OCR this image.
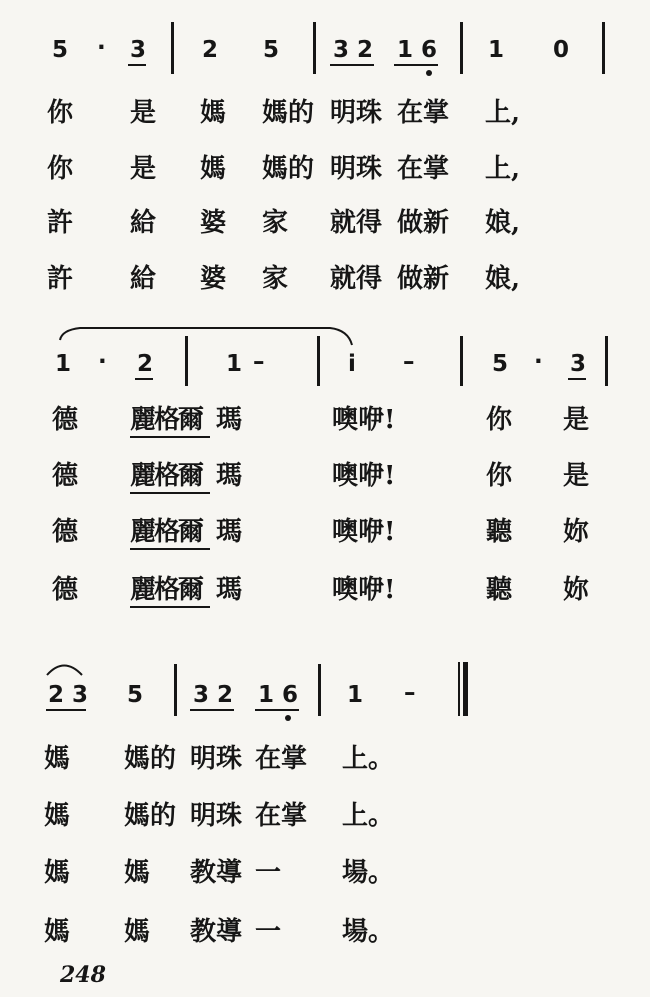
5 · 3 2 5 3 2 1 6 1 0
你 是 媽 媽的 明珠 在掌 上,
你 是 媽 媽的 明珠 在掌 上,
許 給 婆 家 就得 做新 娘,
許 給 婆 家 就得 做新 娘,
1 · 2	1 –	i –	5 · 3
德 麗格爾 瑪	噢咿!	你 是
德 麗格爾 瑪	噢咿!	你 是
德 麗格爾 瑪	噢咿!	聽 妳
德 麗格爾 瑪	噢咿!	聽 妳
2 3 5 3 2 1 6 1 –
媽 媽的 明珠 在掌 上。
媽 媽的 明珠 在掌 上。
媽 媽 教導 一 場。
媽 媽 教導 一 場。
248
